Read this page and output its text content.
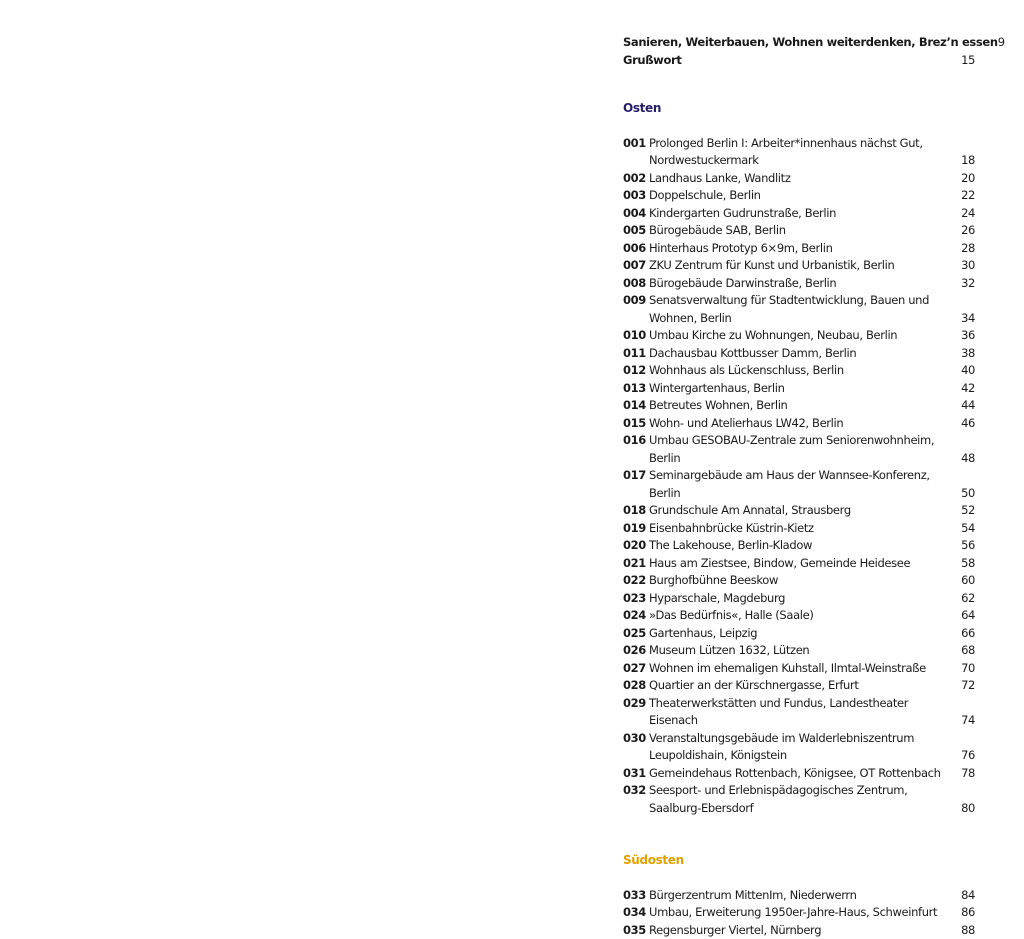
Sanieren, Weiterbauen, Wohnen weiterdenken, Brez’n essen 9
Grußwort	15
Osten
001 Prolonged Berlin I: Arbeiter*innenhaus nächst Gut, Nordwestuckermark	18
002 Landhaus Lanke, Wandlitz	20
003 Doppelschule, Berlin	22
004 Kindergarten Gudrunstraße, Berlin	24
005 Bürogebäude SAB, Berlin	26
006 Hinterhaus Prototyp 6×9m, Berlin	28
007 ZKU Zentrum für Kunst und Urbanistik, Berlin	30
008 Bürogebäude Darwinstraße, Berlin	32
009 Senatsverwaltung für Stadtentwicklung, Bauen und Wohnen, Berlin	34
010 Umbau Kirche zu Wohnungen, Neubau, Berlin	36
011 Dachausbau Kottbusser Damm, Berlin	38
012 Wohnhaus als Lückenschluss, Berlin	40
013 Wintergartenhaus, Berlin	42
014 Betreutes Wohnen, Berlin	44
015 Wohn- und Atelierhaus LW42, Berlin	46
016 Umbau GESOBAU-Zentrale zum Seniorenwohnheim, Berlin	48
017 Seminargebäude am Haus der Wannsee-Konferenz, Berlin	50
018 Grundschule Am Annatal, Strausberg	52
019 Eisenbahnbrücke Küstrin-Kietz	54
020 The Lakehouse, Berlin-Kladow	56
021 Haus am Ziestsee, Bindow, Gemeinde Heidesee	58
022 Burghofbühne Beeskow	60
023 Hyparschale, Magdeburg	62
024 »Das Bedürfnis«, Halle (Saale)	64
025 Gartenhaus, Leipzig	66
026 Museum Lützen 1632, Lützen	68
027 Wohnen im ehemaligen Kuhstall, Ilmtal-Weinstraße	70
028 Quartier an der Kürschnergasse, Erfurt	72
029 Theaterwerkstätten und Fundus, Landestheater Eisenach	74
030 Veranstaltungsgebäude im Walderlebniszentrum Leupoldishain, Königstein	76
031 Gemeindehaus Rottenbach, Königsee, OT Rottenbach 78
032 Seesport- und Erlebnispädagogisches Zentrum, Saalburg-Ebersdorf	80
Südosten
033 Bürgerzentrum MittenIm, Niederwerrn	84
034 Umbau, Erweiterung 1950er-Jahre-Haus, Schweinfurt 86
035 Regensburger Viertel, Nürnberg	88
